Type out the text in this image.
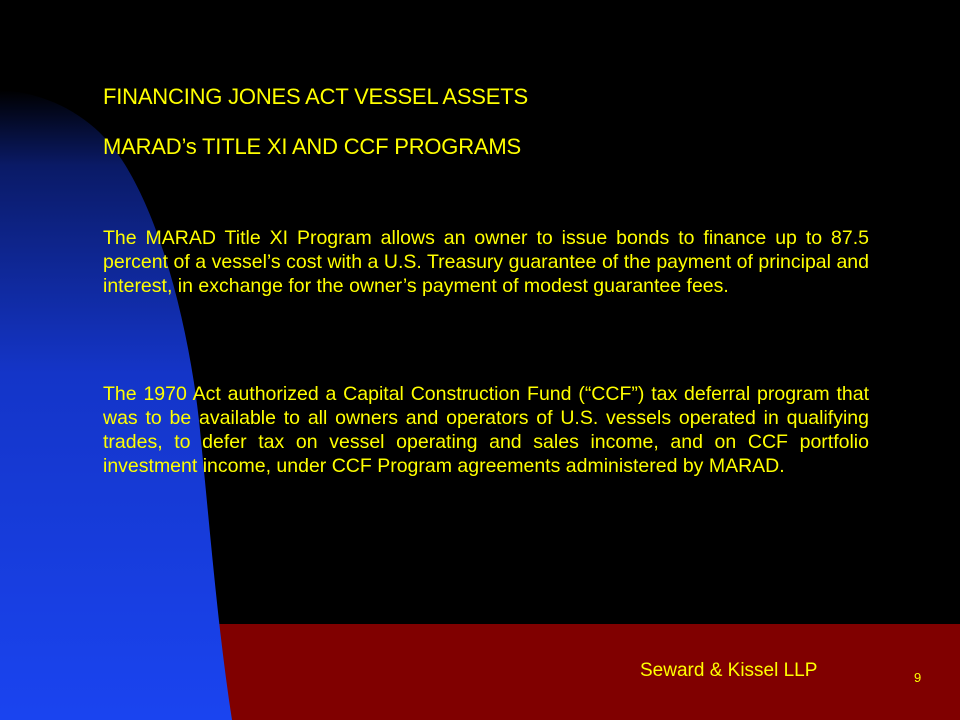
FINANCING JONES ACT VESSEL ASSETS
MARAD’s TITLE XI AND CCF PROGRAMS
The MARAD Title XI Program allows an owner to issue bonds to finance up to 87.5 percent of a vessel’s cost with a U.S. Treasury guarantee of the payment of principal and interest, in exchange for the owner’s payment of modest guarantee fees.
The 1970 Act authorized a Capital Construction Fund (“CCF”) tax deferral program that was to be available to all owners and operators of U.S. vessels operated in qualifying trades, to defer tax on vessel operating and sales income, and on CCF portfolio investment income, under CCF Program agreements administered by MARAD.
Seward & Kissel LLP	9
